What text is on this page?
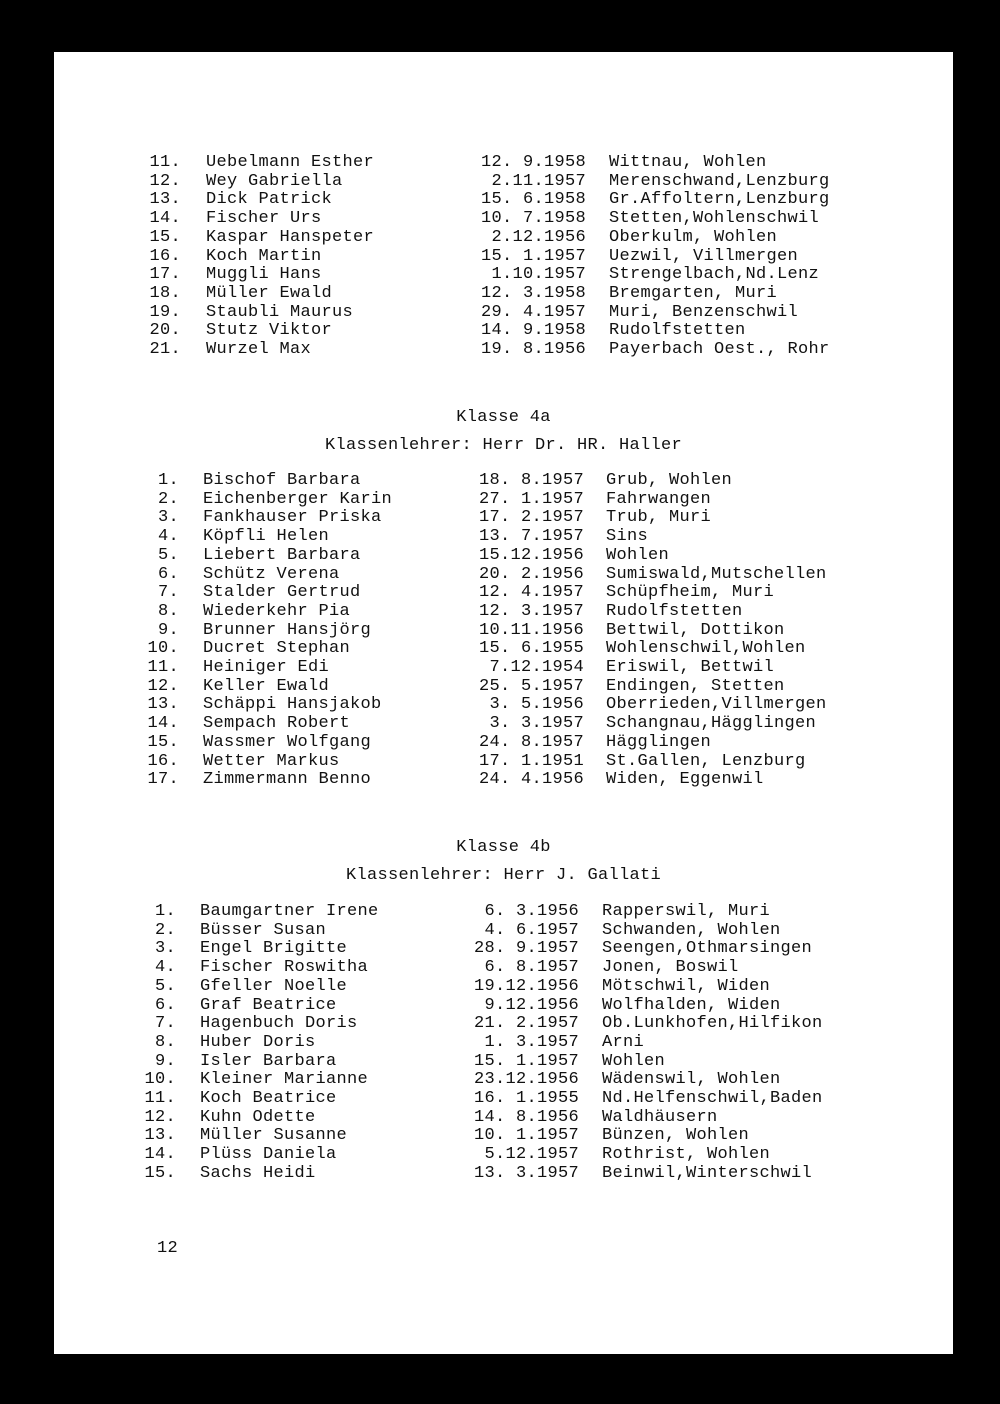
11. Uebelmann Esther	12. 9.1958 Wittnau, Wohlen
12. Wey Gabriella	2.11.1957 Merenschwand,Lenzburg
13. Dick Patrick	15. 6.1958 Gr.Affoltern,Lenzburg
14. Fischer Urs	10. 7.1958 Stetten,Wohlenschwil
15. Kaspar Hanspeter	2.12.1956 Oberkulm, Wohlen
16. Koch Martin	15. 1.1957 Uezwil, Villmergen
17. Muggli Hans	1.10.1957 Strengelbach,Nd.Lenz
18. Müller Ewald	12. 3.1958 Bremgarten, Muri
19. Staubli Maurus	29. 4.1957 Muri, Benzenschwil
20. Stutz Viktor	14. 9.1958 Rudolfstetten
21. Wurzel Max	19. 8.1956 Payerbach Oest., Rohr
Klasse 4a
Klassenlehrer: Herr Dr. HR. Haller
1. Bischof Barbara	18. 8.1957 Grub, Wohlen
2. Eichenberger Karin	27. 1.1957 Fahrwangen
3. Fankhauser Priska	17. 2.1957 Trub, Muri
4. Köpfli Helen	13. 7.1957 Sins
5. Liebert Barbara	15.12.1956 Wohlen
6. Schütz Verena	20. 2.1956 Sumiswald,Mutschellen
7. Stalder Gertrud	12. 4.1957 Schüpfheim, Muri
8. Wiederkehr Pia	12. 3.1957 Rudolfstetten
9. Brunner Hansjörg	10.11.1956 Bettwil, Dottikon
10. Ducret Stephan	15. 6.1955 Wohlenschwil,Wohlen
11. Heiniger Edi	7.12.1954 Eriswil, Bettwil
12. Keller Ewald	25. 5.1957 Endingen, Stetten
13. Schäppi Hansjakob	3. 5.1956 Oberrieden,Villmergen
14. Sempach Robert	3. 3.1957 Schangnau,Hägglingen
15. Wassmer Wolfgang	24. 8.1957 Hägglingen
16. Wetter Markus	17. 1.1951 St.Gallen, Lenzburg
17. Zimmermann Benno	24. 4.1956 Widen, Eggenwil
Klasse 4b
Klassenlehrer: Herr J. Gallati
1. Baumgartner Irene	6. 3.1956 Rapperswil, Muri
2. Büsser Susan	4. 6.1957 Schwanden, Wohlen
3. Engel Brigitte	28. 9.1957 Seengen,Othmarsingen
4. Fischer Roswitha	6. 8.1957 Jonen, Boswil
5. Gfeller Noelle	19.12.1956 Mötschwil, Widen
6. Graf Beatrice	9.12.1956 Wolfhalden, Widen
7. Hagenbuch Doris	21. 2.1957 Ob.Lunkhofen,Hilfikon
8. Huber Doris	1. 3.1957 Arni
9. Isler Barbara	15. 1.1957 Wohlen
10. Kleiner Marianne	23.12.1956 Wädenswil, Wohlen
11. Koch Beatrice	16. 1.1955 Nd.Helfenschwil,Baden
12. Kuhn Odette	14. 8.1956 Waldhäusern
13. Müller Susanne	10. 1.1957 Bünzen, Wohlen
14. Plüss Daniela	5.12.1957 Rothrist, Wohlen
15. Sachs Heidi	13. 3.1957 Beinwil,Winterschwil
12
